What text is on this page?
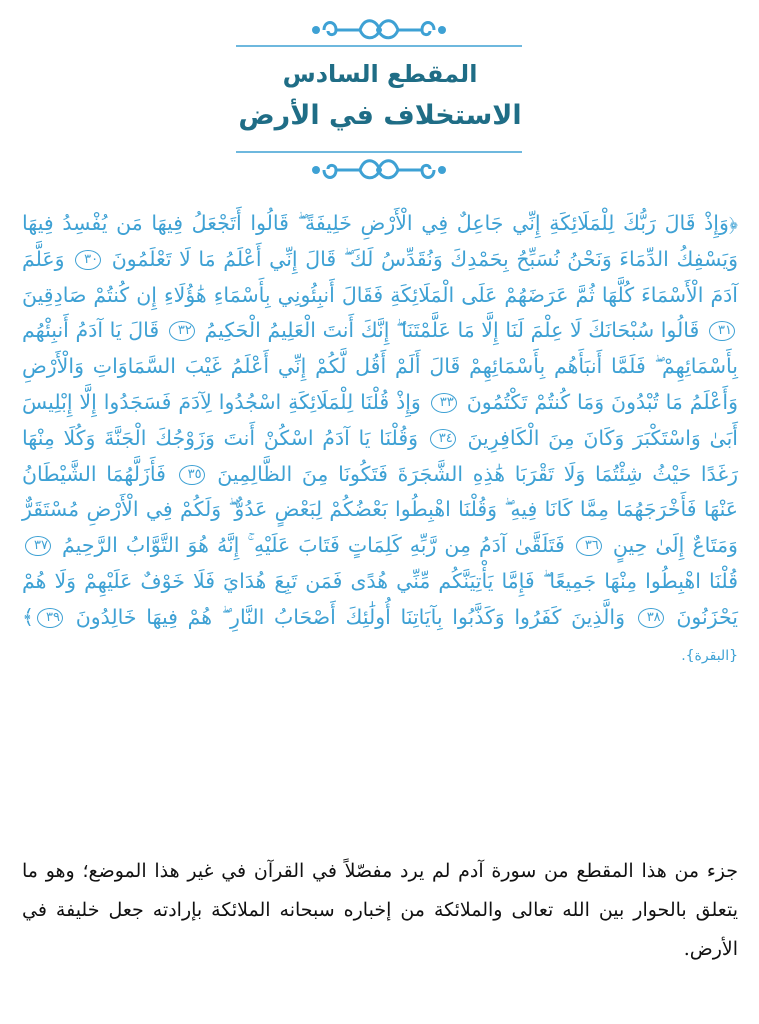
المقطع السادس
الاستخلاف في الأرض
﴿وَإِذْ قَالَ رَبُّكَ لِلْمَلَائِكَةِ إِنِّي جَاعِلٌ فِي الْأَرْضِ خَلِيفَةً ۖ قَالُوا أَتَجْعَلُ فِيهَا مَن يُفْسِدُ فِيهَا وَيَسْفِكُ الدِّمَاءَ وَنَحْنُ نُسَبِّحُ بِحَمْدِكَ وَنُقَدِّسُ لَكَ ۖ قَالَ إِنِّي أَعْلَمُ مَا لَا تَعْلَمُونَ ٣٠ وَعَلَّمَ آدَمَ الْأَسْمَاءَ كُلَّهَا ثُمَّ عَرَضَهُمْ عَلَى الْمَلَائِكَةِ فَقَالَ أَنبِئُونِي بِأَسْمَاءِ هَٰؤُلَاءِ إِن كُنتُمْ صَادِقِينَ ٣١ قَالُوا سُبْحَانَكَ لَا عِلْمَ لَنَا إِلَّا مَا عَلَّمْتَنَا ۖ إِنَّكَ أَنتَ الْعَلِيمُ الْحَكِيمُ ٣٢ قَالَ يَا آدَمُ أَنبِئْهُم بِأَسْمَائِهِمْ ۖ فَلَمَّا أَنبَأَهُم بِأَسْمَائِهِمْ قَالَ أَلَمْ أَقُل لَّكُمْ إِنِّي أَعْلَمُ غَيْبَ السَّمَاوَاتِ وَالْأَرْضِ وَأَعْلَمُ مَا تُبْدُونَ وَمَا كُنتُمْ تَكْتُمُونَ ٣٣ وَإِذْ قُلْنَا لِلْمَلَائِكَةِ اسْجُدُوا لِآدَمَ فَسَجَدُوا إِلَّا إِبْلِيسَ أَبَىٰ وَاسْتَكْبَرَ وَكَانَ مِنَ الْكَافِرِينَ ٣٤ وَقُلْنَا يَا آدَمُ اسْكُنْ أَنتَ وَزَوْجُكَ الْجَنَّةَ وَكُلَا مِنْهَا رَغَدًا حَيْثُ شِئْتُمَا وَلَا تَقْرَبَا هَٰذِهِ الشَّجَرَةَ فَتَكُونَا مِنَ الظَّالِمِينَ ٣٥ فَأَزَلَّهُمَا الشَّيْطَانُ عَنْهَا فَأَخْرَجَهُمَا مِمَّا كَانَا فِيهِ ۖ وَقُلْنَا اهْبِطُوا بَعْضُكُمْ لِبَعْضٍ عَدُوٌّ ۖ وَلَكُمْ فِي الْأَرْضِ مُسْتَقَرٌّ وَمَتَاعٌ إِلَىٰ حِينٍ ٣٦ فَتَلَقَّىٰ آدَمُ مِن رَّبِّهِ كَلِمَاتٍ فَتَابَ عَلَيْهِ ۚ إِنَّهُ هُوَ التَّوَّابُ الرَّحِيمُ ٣٧ قُلْنَا اهْبِطُوا مِنْهَا جَمِيعًا ۖ فَإِمَّا يَأْتِيَنَّكُم مِّنِّي هُدًى فَمَن تَبِعَ هُدَايَ فَلَا خَوْفٌ عَلَيْهِمْ وَلَا هُمْ يَحْزَنُونَ ٣٨ وَالَّذِينَ كَفَرُوا وَكَذَّبُوا بِآيَاتِنَا أُولَٰئِكَ أَصْحَابُ النَّارِ ۖ هُمْ فِيهَا خَالِدُونَ ٣٩﴾ {البقرة}.
جزء من هذا المقطع من سورة آدم لم يرد مفصّلاً في القرآن في غير هذا الموضع؛ وهو ما يتعلق بالحوار بين الله تعالى والملائكة من إخباره سبحانه الملائكة بإرادته جعل خليفة في الأرض.
